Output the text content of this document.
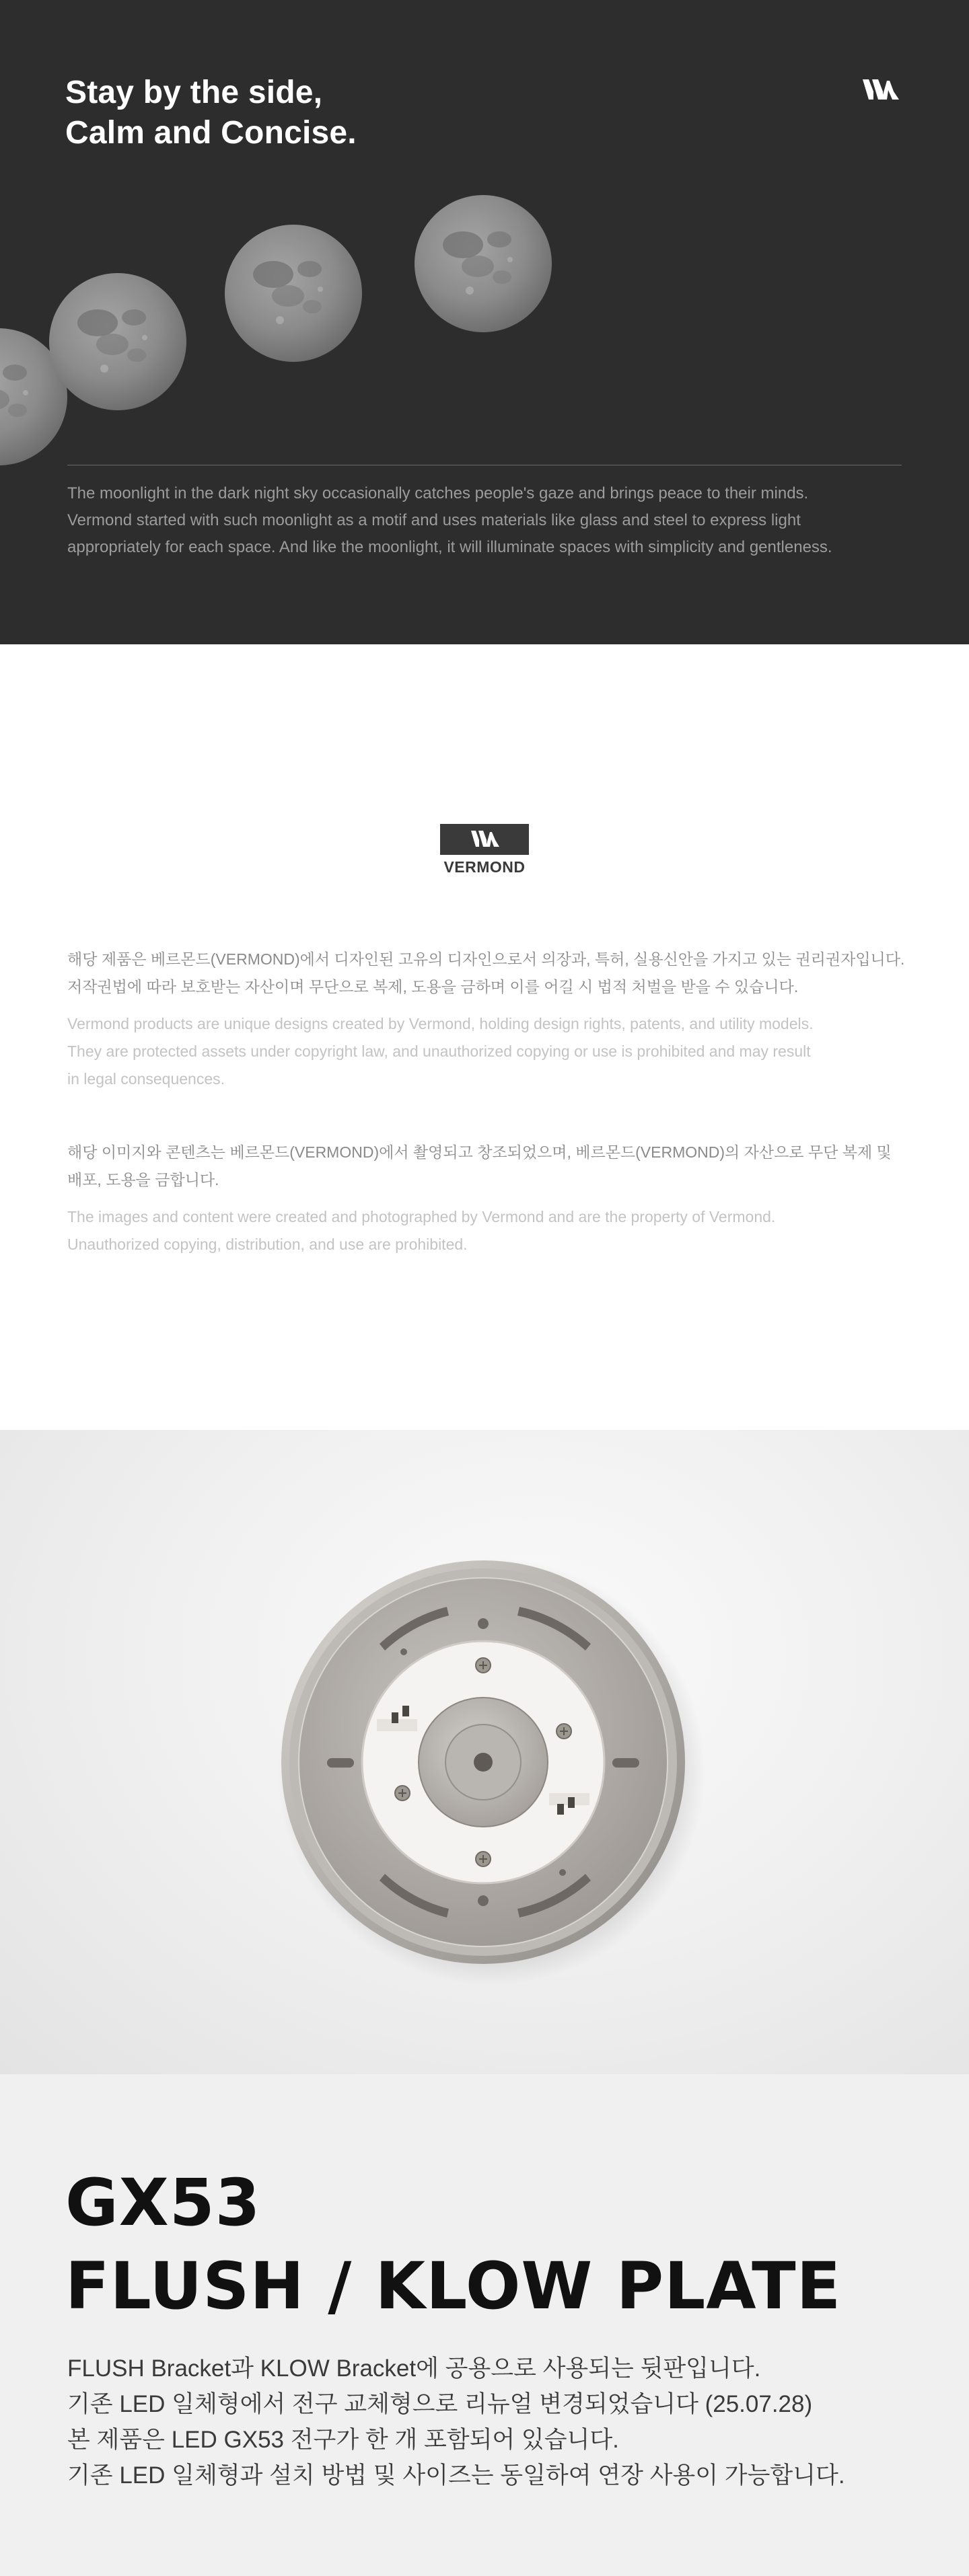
Stay by the side,
Calm and Concise.

The moonlight in the dark night sky occasionally catches people's gaze and brings peace to their minds.

Vermond started with such moonlight as a motif and uses materials like glass and steel to express light

appropriately for each space. And like the moonlight, it will illuminate spaces with simplicity and gentleness.

VERMOND

해당 제품은 베르몬드(VERMOND)에서 디자인된 고유의 디자인으로서 의장과, 특허, 실용신안을 가지고 있는 권리권자입니다.

저작권법에 따라 보호받는 자산이며 무단으로 복제, 도용을 금하며 이를 어길 시 법적 처벌을 받을 수 있습니다.

Vermond products are unique designs created by Vermond, holding design rights, patents, and utility models.

They are protected assets under copyright law, and unauthorized copying or use is prohibited and may result

in legal consequences.

해당 이미지와 콘텐츠는 베르몬드(VERMOND)에서 촬영되고 창조되었으며, 베르몬드(VERMOND)의 자산으로 무단 복제 및

배포, 도용을 금합니다.

The images and content were created and photographed by Vermond and are the property of Vermond.

Unauthorized copying, distribution, and use are prohibited.

GX53
FLUSH / KLOW PLATE

FLUSH Bracket과 KLOW Bracket에 공용으로 사용되는 뒷판입니다.

기존 LED 일체형에서 전구 교체형으로 리뉴얼 변경되었습니다 (25.07.28)

본 제품은 LED GX53 전구가 한 개 포함되어 있습니다.

기존 LED 일체형과 설치 방법 및 사이즈는 동일하여 연장 사용이 가능합니다.
